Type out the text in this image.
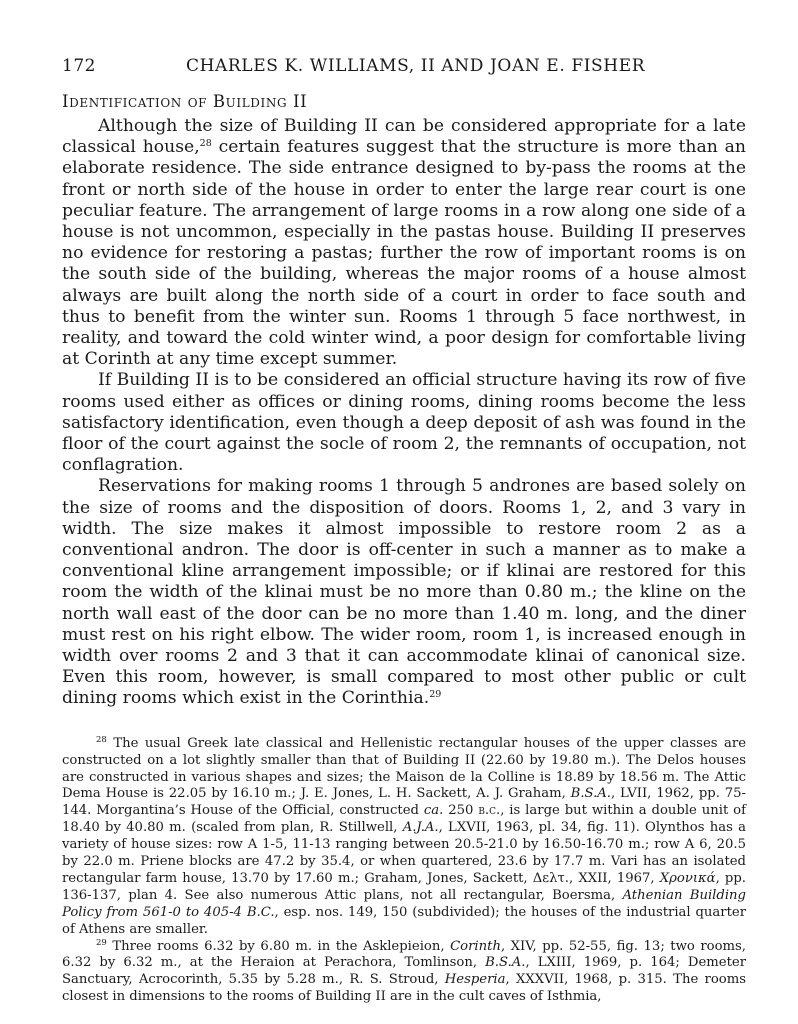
172	CHARLES K. WILLIAMS, II AND JOAN E. FISHER
Identification of Building II

Although the size of Building II can be considered appropriate for a late classical house,$^{28}$ certain features suggest that the structure is more than an elaborate residence. The side entrance designed to by-pass the rooms at the front or north side of the house in order to enter the large rear court is one peculiar feature. The arrangement of large rooms in a row along one side of a house is not uncommon, especially in the pastas house. Building II preserves no evidence for restoring a pastas; further the row of important rooms is on the south side of the building, whereas the major rooms of a house almost always are built along the north side of a court in order to face south and thus to benefit from the winter sun. Rooms 1 through 5 face northwest, in reality, and toward the cold winter wind, a poor design for comfortable living at Corinth at any time except summer.

If Building II is to be considered an official structure having its row of five rooms used either as offices or dining rooms, dining rooms become the less satisfactory identification, even though a deep deposit of ash was found in the floor of the court against the socle of room 2, the remnants of occupation, not conflagration.

Reservations for making rooms 1 through 5 andrones are based solely on the size of rooms and the disposition of doors. Rooms 1, 2, and 3 vary in width. The size makes it almost impossible to restore room 2 as a conventional andron. The door is off-center in such a manner as to make a conventional kline arrangement impossible; or if klinai are restored for this room the width of the klinai must be no more than 0.80 m.; the kline on the north wall east of the door can be no more than 1.40 m. long, and the diner must rest on his right elbow. The wider room, room 1, is increased enough in width over rooms 2 and 3 that it can accommodate klinai of canonical size. Even this room, however, is small compared to most other public or cult dining rooms which exist in the Corinthia.$^{29}$

$^{28}$ The usual Greek late classical and Hellenistic rectangular houses of the upper classes are constructed on a lot slightly smaller than that of Building II (22.60 by 19.80 m.). The Delos houses are constructed in various shapes and sizes; the Maison de la Colline is 18.89 by 18.56 m. The Attic Dema House is 22.05 by 16.10 m.; J. E. Jones, L. H. Sackett, A. J. Graham, B.S.A., LVII, 1962, pp. 75-144. Morgantina’s House of the Official, constructed ca. 250 b.c., is large but within a double unit of 18.40 by 40.80 m. (scaled from plan, R. Stillwell, A.J.A., LXVII, 1963, pl. 34, fig. 11). Olynthos has a variety of house sizes: row A 1-5, 11-13 ranging between 20.5-21.0 by 16.50-16.70 m.; row A 6, 20.5 by 22.0 m. Priene blocks are 47.2 by 35.4, or when quartered, 23.6 by 17.7 m. Vari has an isolated rectangular farm house, 13.70 by 17.60 m.; Graham, Jones, Sackett, Δελτ., XXII, 1967, Χρονικά, pp. 136-137, plan 4. See also numerous Attic plans, not all rectangular, Boersma, Athenian Building Policy from 561-0 to 405-4 B.C., esp. nos. 149, 150 (subdivided); the houses of the industrial quarter of Athens are smaller.

$^{29}$ Three rooms 6.32 by 6.80 m. in the Asklepieion, Corinth, XIV, pp. 52-55, fig. 13; two rooms, 6.32 by 6.32 m., at the Heraion at Perachora, Tomlinson, B.S.A., LXIII, 1969, p. 164; Demeter Sanctuary, Acrocorinth, 5.35 by 5.28 m., R. S. Stroud, Hesperia, XXXVII, 1968, p. 315. The rooms closest in dimensions to the rooms of Building II are in the cult caves of Isthmia,
